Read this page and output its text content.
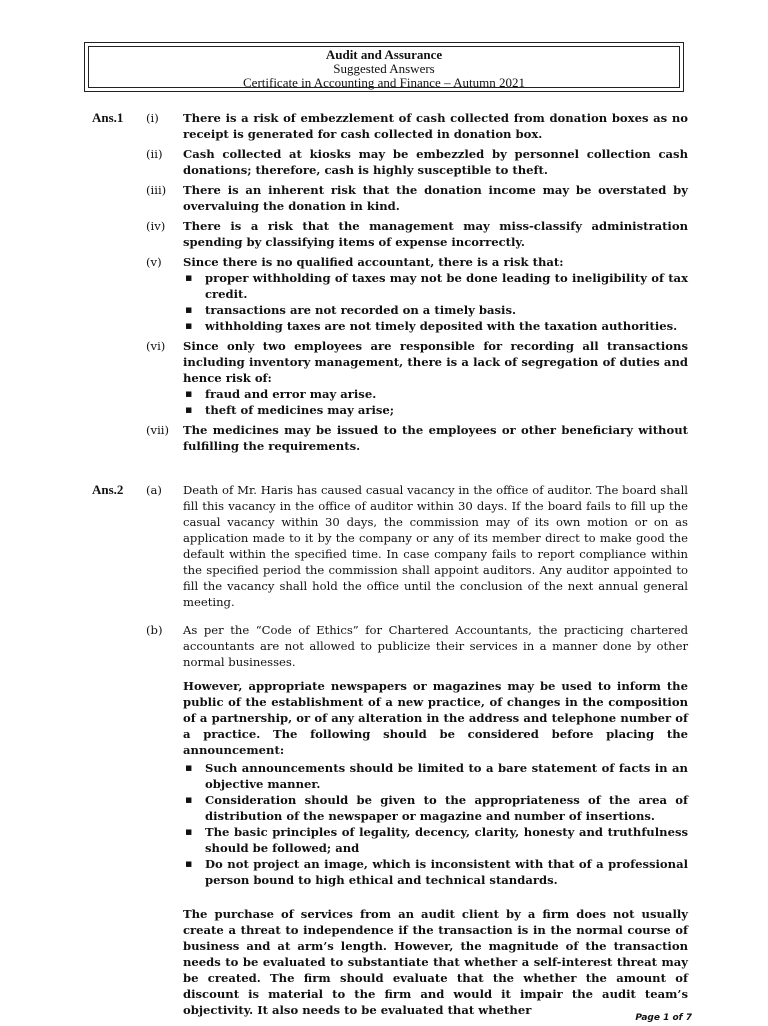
Audit and Assurance
Suggested Answers
Certificate in Accounting and Finance – Autumn 2021
Ans.1 (i) There is a risk of embezzlement of cash collected from donation boxes as no receipt is generated for cash collected in donation box.
(ii) Cash collected at kiosks may be embezzled by personnel collection cash donations; therefore, cash is highly susceptible to theft.
(iii) There is an inherent risk that the donation income may be overstated by overvaluing the donation in kind.
(iv) There is a risk that the management may miss-classify administration spending by classifying items of expense incorrectly.
(v) Since there is no qualified accountant, there is a risk that:
▪ proper withholding of taxes may not be done leading to ineligibility of tax credit.
▪ transactions are not recorded on a timely basis.
▪ withholding taxes are not timely deposited with the taxation authorities.
(vi) Since only two employees are responsible for recording all transactions including inventory management, there is a lack of segregation of duties and hence risk of:
▪ fraud and error may arise.
▪ theft of medicines may arise;
(vii) The medicines may be issued to the employees or other beneficiary without fulfilling the requirements.
Ans.2 (a) Death of Mr. Haris has caused casual vacancy in the office of auditor. The board shall fill this vacancy in the office of auditor within 30 days. If the board fails to fill up the casual vacancy within 30 days, the commission may of its own motion or on as application made to it by the company or any of its member direct to make good the default within the specified time. In case company fails to report compliance within the specified period the commission shall appoint auditors. Any auditor appointed to fill the vacancy shall hold the office until the conclusion of the next annual general meeting.
(b) As per the “Code of Ethics” for Chartered Accountants, the practicing chartered accountants are not allowed to publicize their services in a manner done by other normal businesses.

However, appropriate newspapers or magazines may be used to inform the public of the establishment of a new practice, of changes in the composition of a partnership, or of any alteration in the address and telephone number of a practice. The following should be considered before placing the announcement:

▪ Such announcements should be limited to a bare statement of facts in an objective manner.
▪ Consideration should be given to the appropriateness of the area of distribution of the newspaper or magazine and number of insertions.
▪ The basic principles of legality, decency, clarity, honesty and truthfulness should be followed; and
▪ Do not project an image, which is inconsistent with that of a professional person bound to high ethical and technical standards.

The purchase of services from an audit client by a firm does not usually create a threat to independence if the transaction is in the normal course of business and at arm’s length. However, the magnitude of the transaction needs to be evaluated to substantiate that whether a self-interest threat may be created. The firm should evaluate that the whether the amount of discount is material to the firm and would it impair the audit team’s objectivity. It also needs to be evaluated that whether

Page 1 of 7
